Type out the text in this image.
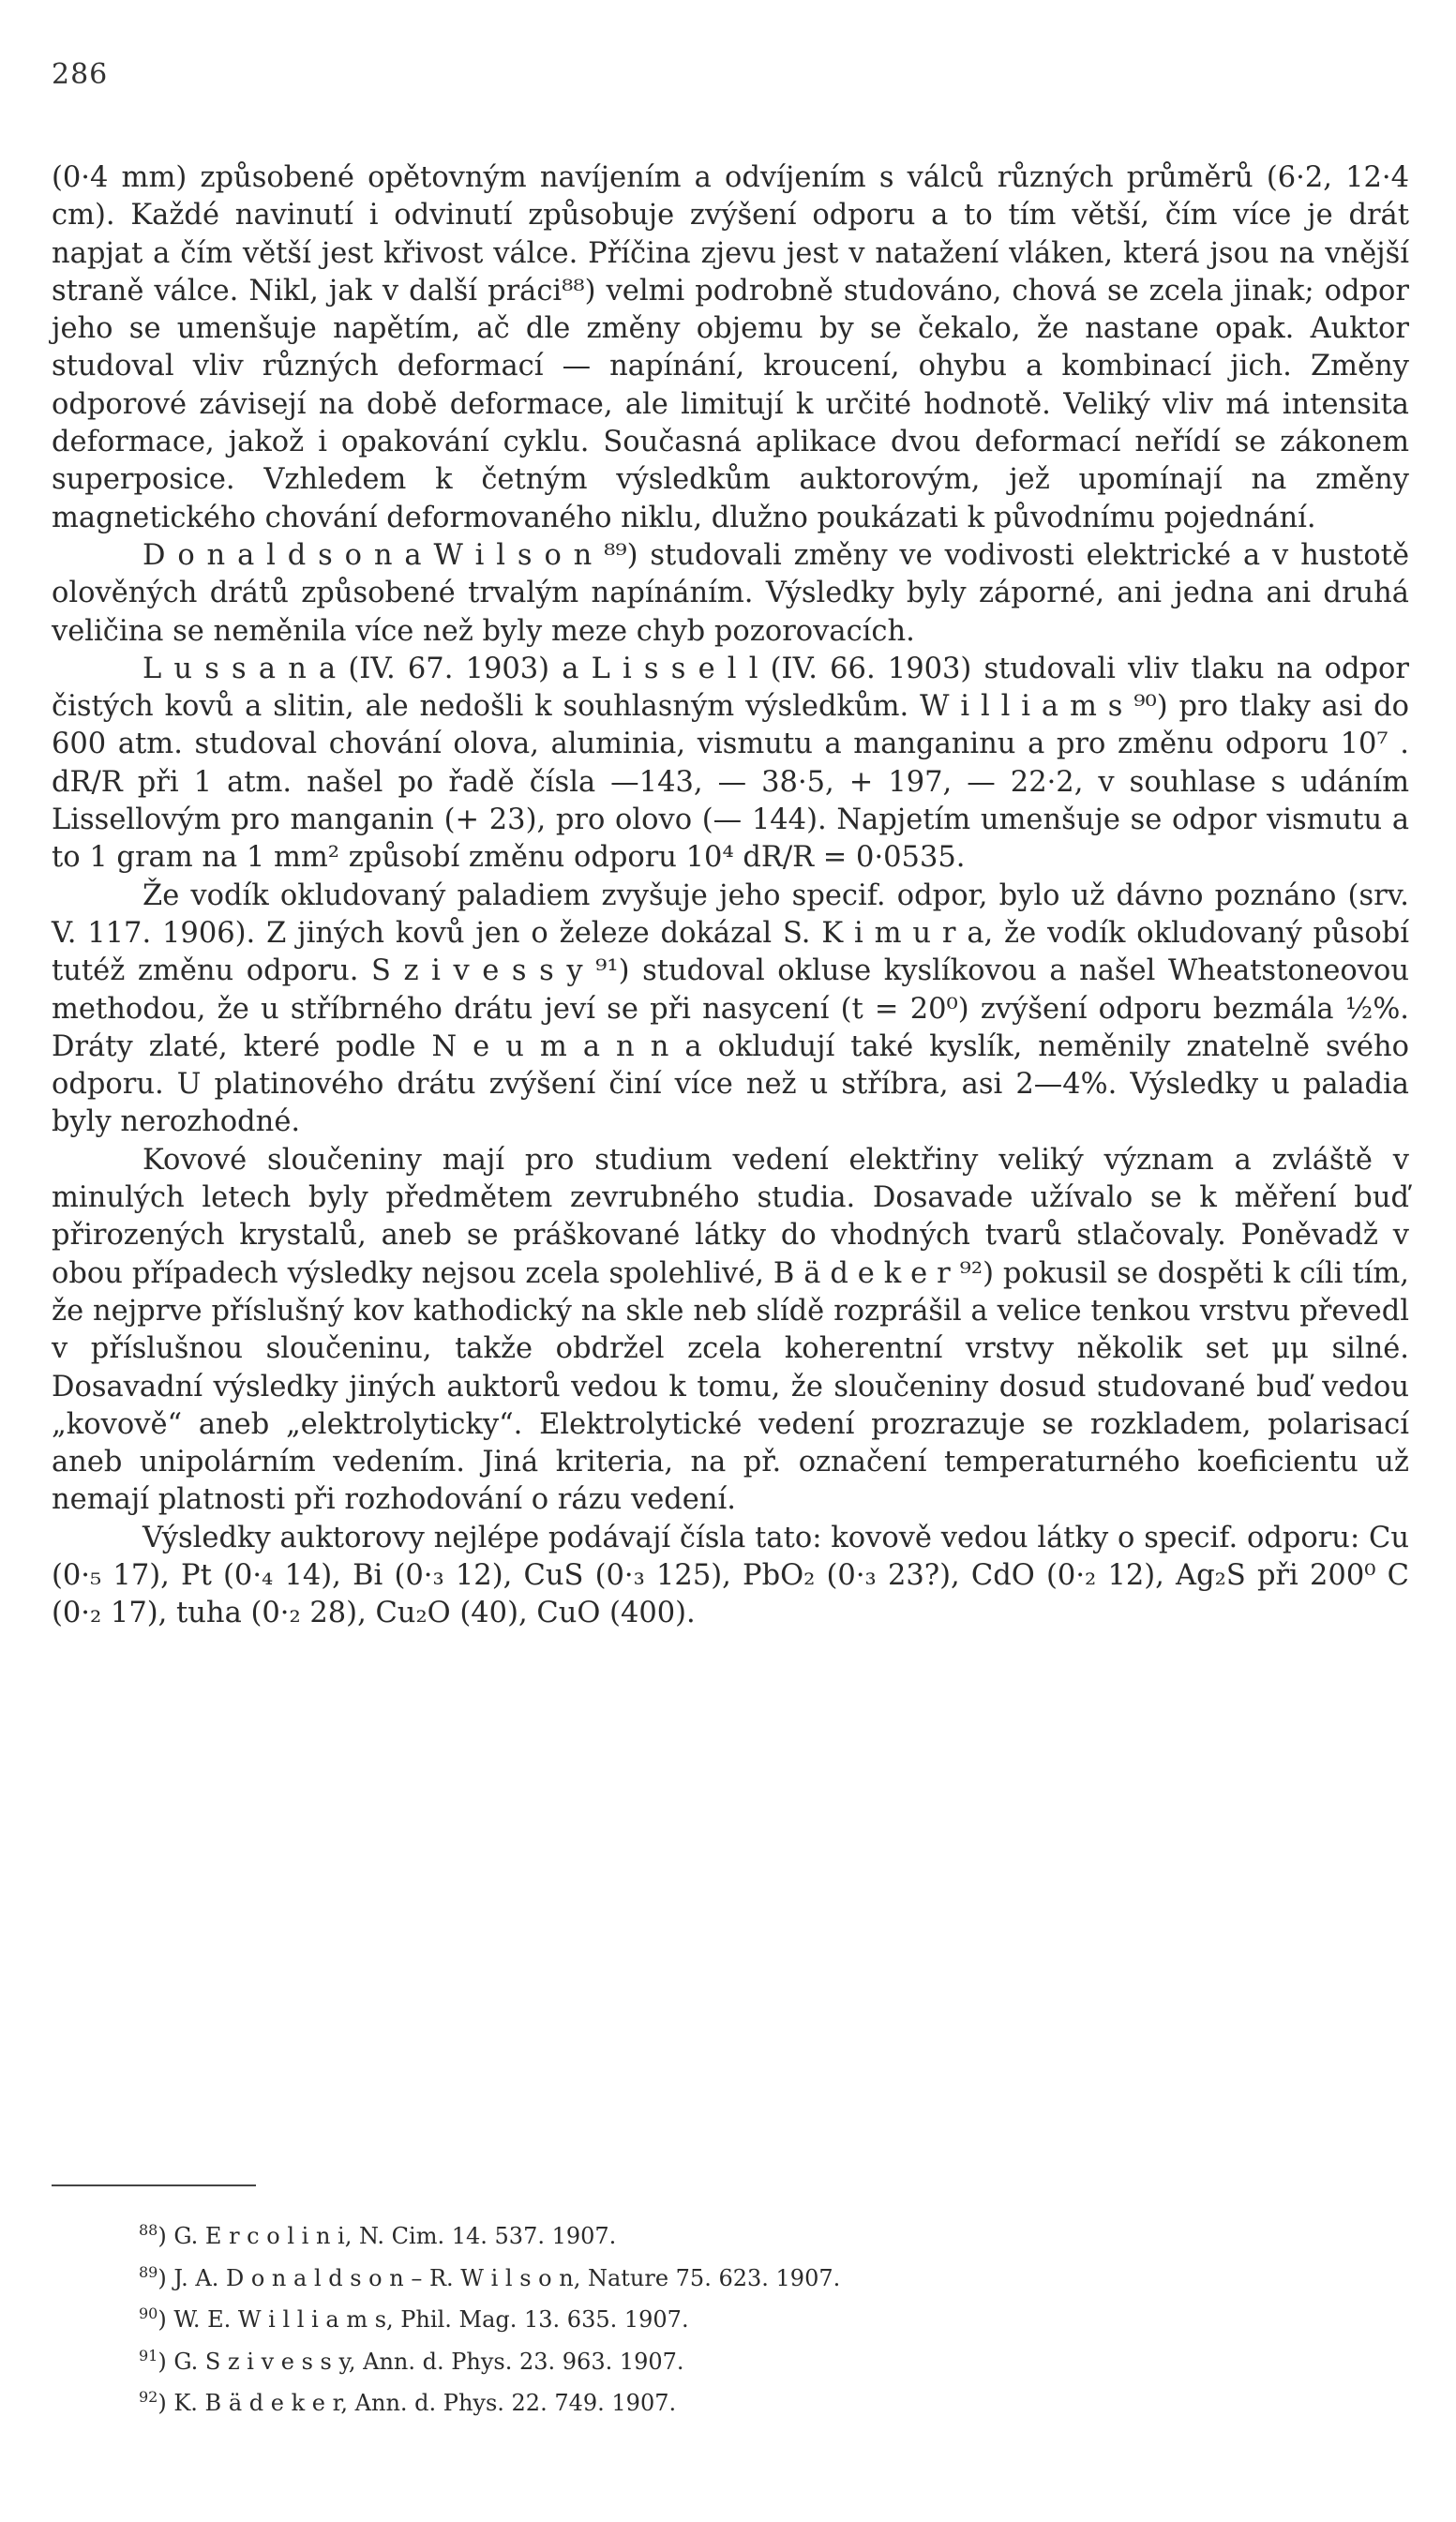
286

(0·4 mm) způsobené opětovným navíjením a odvíjením s válců různých průměrů (6·2, 12·4 cm). Každé navinutí i odvinutí způsobuje zvýšení odporu a to tím větší, čím více je drát napjat a čím větší jest křivost válce. Příčina zjevu jest v natažení vláken, která jsou na vnější straně válce. Nikl, jak v další práci⁸⁸) velmi podrobně studováno, chová se zcela jinak; odpor jeho se umenšuje napětím, ač dle změny objemu by se čekalo, že nastane opak. Auktor studoval vliv různých deformací — napínání, kroucení, ohybu a kombinací jich. Změny odporové závisejí na době deformace, ale limitují k určité hodnotě. Veliký vliv má intensita deformace, jakož i opakování cyklu. Současná aplikace dvou deformací neřídí se zákonem superposice. Vzhledem k četným výsledkům auktorovým, jež upomínají na změny magnetického chování deformovaného niklu, dlužno poukázati k původnímu pojednání.

D o n a l d s o n a W i l s o n ⁸⁹) studovali změny ve vodivosti elektrické a v hustotě olověných drátů způsobené trvalým napínáním. Výsledky byly záporné, ani jedna ani druhá veličina se neměnila více než byly meze chyb pozorovacích.

L u s s a n a (IV. 67. 1903) a L i s s e l l (IV. 66. 1903) studovali vliv tlaku na odpor čistých kovů a slitin, ale nedošli k souhlasným výsledkům. W i l l i a m s ⁹⁰) pro tlaky asi do 600 atm. studoval chování olova, aluminia, vismutu a manganinu a pro změnu odporu 10⁷ . dR/R při 1 atm. našel po řadě čísla —143, — 38·5, + 197, — 22·2, v souhlase s udáním Lissellovým pro manganin (+ 23), pro olovo (— 144). Napjetím umenšuje se odpor vismutu a to 1 gram na 1 mm² způsobí změnu odporu 10⁴ dR/R = 0·0535.

Že vodík okludovaný paladiem zvyšuje jeho specif. odpor, bylo už dávno poznáno (srv. V. 117. 1906). Z jiných kovů jen o železe dokázal S. K i m u r a, že vodík okludovaný působí tutéž změnu odporu. S z i v e s s y ⁹¹) studoval okluse kyslíkovou a našel Wheatstoneovou methodou, že u stříbrného drátu jeví se při nasycení (t = 20⁰) zvýšení odporu bezmála ½%. Dráty zlaté, které podle N e u m a n n a okludují také kyslík, neměnily znatelně svého odporu. U platinového drátu zvýšení činí více než u stříbra, asi 2—4%. Výsledky u paladia byly nerozhodné.

Kovové sloučeniny mají pro studium vedení elektřiny veliký význam a zvláště v minulých letech byly předmětem zevrubného studia. Dosavade užívalo se k měření buď přirozených krystalů, aneb se práškované látky do vhodných tvarů stlačovaly. Poněvadž v obou případech výsledky nejsou zcela spolehlivé, B ä d e k e r ⁹²) pokusil se dospěti k cíli tím, že nejprve příslušný kov kathodický na skle neb slídě rozprášil a velice tenkou vrstvu převedl v příslušnou sloučeninu, takže obdržel zcela koherentní vrstvy několik set μμ silné. Dosavadní výsledky jiných auktorů vedou k tomu, že sloučeniny dosud studované buď vedou „kovově“ aneb „elektrolyticky“. Elektrolytické vedení prozrazuje se rozkladem, polarisací aneb unipolárním vedením. Jiná kriteria, na př. označení temperaturného koeficientu už nemají platnosti při rozhodování o rázu vedení.

Výsledky auktorovy nejlépe podávají čísla tato: kovově vedou látky o specif. odporu: Cu (0·₅ 17), Pt (0·₄ 14), Bi (0·₃ 12), CuS (0·₃ 125), PbO₂ (0·₃ 23?), CdO (0·₂ 12), Ag₂S při 200⁰ C (0·₂ 17), tuha (0·₂ 28), Cu₂O (40), CuO (400).

$^{88}$) G. E r c o l i n i, N. Cim. 14. 537. 1907.

$^{89}$) J. A. D o n a l d s o n – R. W i l s o n, Nature 75. 623. 1907.

$^{90}$) W. E. W i l l i a m s, Phil. Mag. 13. 635. 1907.

$^{91}$) G. S z i v e s s y, Ann. d. Phys. 23. 963. 1907.

$^{92}$) K. B ä d e k e r, Ann. d. Phys. 22. 749. 1907.
